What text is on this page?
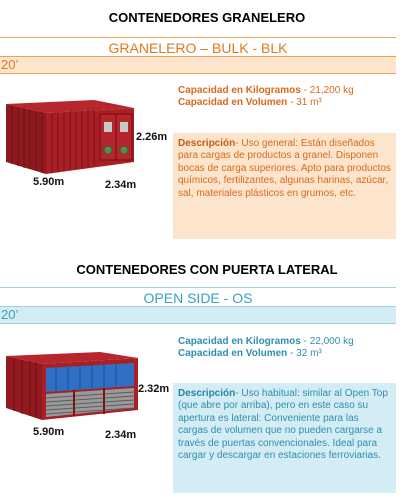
CONTENEDORES GRANELERO
GRANELERO – BULK - BLK
20’
2.26m
5.90m	2.34m
Capacidad en Kilogramos - 21,200 kg
Capacidad en Volumen - 31 m³
Descripción- Uso general: Están diseñados para cargas de productos a granel. Disponen bocas de carga superiores. Apto para productos químicos, fertilizantes, algunas harinas, azúcar, sal, materiales plásticos en grumos, etc.
CONTENEDORES CON PUERTA LATERAL
OPEN SIDE - OS
20’
2.32m
5.90m	2.34m
Capacidad en Kilogramos - 22,000 kg
Capacidad en Volumen - 32 m³
Descripción- Uso habitual: similar al Open Top (que abre por arriba), pero en este caso su apertura es lateral: Conveniente para las cargas de volumen que no pueden cargarse a través de puertas convencionales. Ideal para cargar y descargar en estaciones ferroviarias.
